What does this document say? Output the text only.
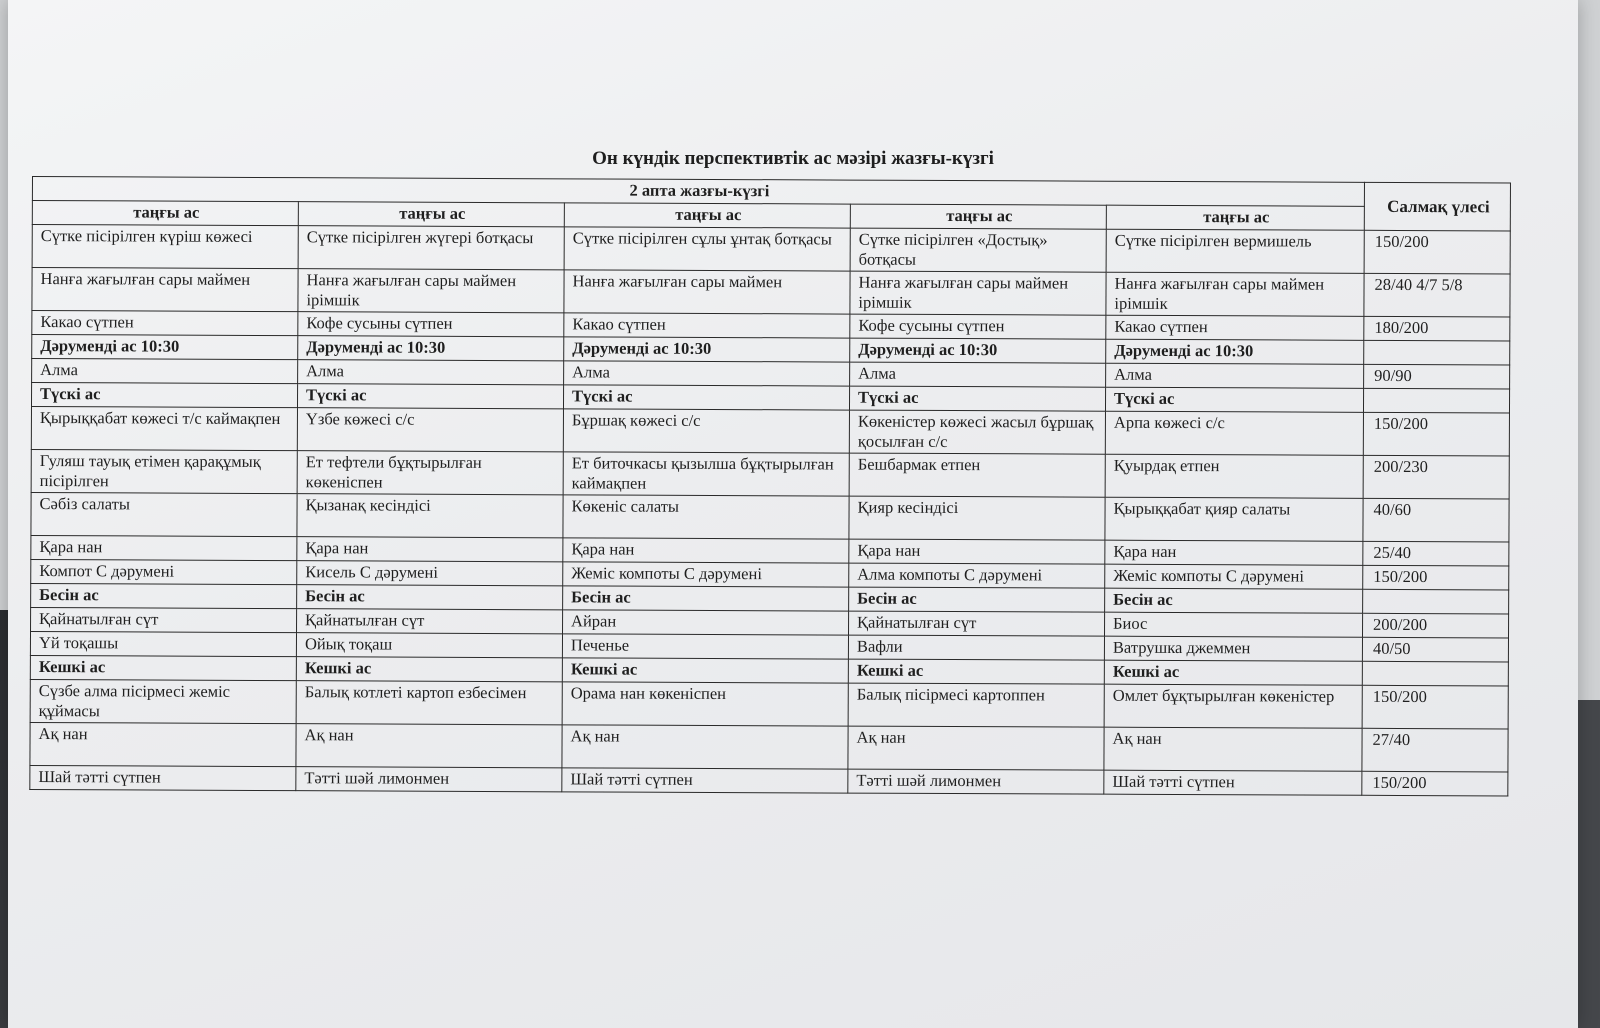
Он күндік перспективтік ас мәзірі жазғы-күзгі
2 апта жазғы-күзгі					Салмақ үлесі
таңғы ас	таңғы ас	таңғы ас	таңғы ас	таңғы ас	
Сүтке пісірілген күріш көжесі	Сүтке пісірілген жүгері ботқасы	Сүтке пісірілген сұлы ұнтақ ботқасы	Сүтке пісірілген «Достық» ботқасы	Сүтке пісірілген вермишель	150/200
Нанға жағылған сары маймен	Нанға жағылған сары маймен ірімшік	Нанға жағылған сары маймен	Нанға жағылған сары маймен ірімшік	Нанға жағылған сары маймен ірімшік	28/40 4/7 5/8
Какао сүтпен	Кофе сусыны сүтпен	Какао сүтпен	Кофе сусыны сүтпен	Какао сүтпен	180/200
Дәруменді ас 10:30	Дәруменді ас 10:30	Дәруменді ас 10:30	Дәруменді ас 10:30	Дәруменді ас 10:30	
Алма	Алма	Алма	Алма	Алма	90/90
Түскі ас	Түскі ас	Түскі ас	Түскі ас	Түскі ас	
Қырыққабат көжесі т/с каймақпен	Үзбе көжесі с/с	Бұршақ көжесі с/с	Көкеністер көжесі жасыл бұршақ қосылған с/с	Арпа көжесі с/с	150/200
Гуляш тауық етімен қарақұмық пісірілген	Ет тефтели бұқтырылған көкеніспен	Ет биточкасы қызылша бұқтырылған каймақпен	Бешбармак етпен	Қуырдақ етпен	200/230
Сәбіз салаты	Қызанақ кесіндісі	Көкеніс салаты	Қияр кесіндісі	Қырыққабат қияр салаты	40/60
Қара нан	Қара нан	Қара нан	Қара нан	Қара нан	25/40
Компот С дәрумені	Кисель С дәрумені	Жеміс компоты С дәрумені	Алма компоты С дәрумені	Жеміс компоты С дәрумені	150/200
Бесін ас	Бесін ас	Бесін ас	Бесін ас	Бесін ас	
Қайнатылған сүт	Қайнатылған сүт	Айран	Қайнатылған сүт	Биос	200/200
Үй тоқашы	Ойық тоқаш	Печенье	Вафли	Ватрушка джеммен	40/50
Кешкі ас	Кешкі ас	Кешкі ас	Кешкі ас	Кешкі ас	
Сүзбе алма пісірмесі жеміс құймасы	Балық котлеті картоп езбесімен	Орама нан көкеніспен	Балық пісірмесі картоппен	Омлет бұқтырылған көкеністер	150/200
Ақ нан	Ақ нан	Ақ нан	Ақ нан	Ақ нан	27/40
Шай тәтті сүтпен	Тәтті шәй лимонмен	Шай тәтті сүтпен	Тәтті шәй лимонмен	Шай тәтті сүтпен	150/200
